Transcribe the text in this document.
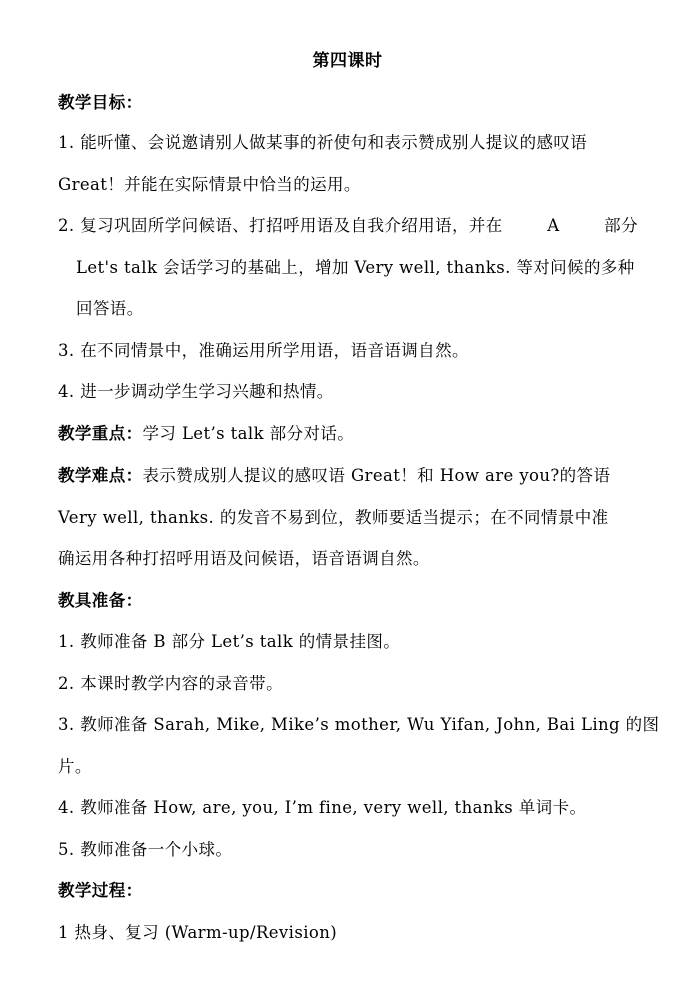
第四课时
教学目标：
1. 能听懂、会说邀请别人做某事的祈使句和表示赞成别人提议的感叹语
Great！并能在实际情景中恰当的运用。
2. 复习巩固所学问候语、打招呼用语及自我介绍用语，并在	A	部分
Let's talk 会话学习的基础上，增加 Very well, thanks. 等对问候的多种
回答语。
3. 在不同情景中，准确运用所学用语，语音语调自然。
4. 进一步调动学生学习兴趣和热情。
教学重点：学习 Let’s talk 部分对话。
教学难点：表示赞成别人提议的感叹语 Great！和 How are you?的答语
Very well, thanks. 的发音不易到位，教师要适当提示；在不同情景中准
确运用各种打招呼用语及问候语，语音语调自然。
教具准备：
1. 教师准备 B 部分 Let’s talk 的情景挂图。
2. 本课时教学内容的录音带。
3. 教师准备 Sarah, Mike, Mike’s mother, Wu Yifan, John, Bai Ling 的图
片。
4. 教师准备 How, are, you, I’m fine, very well, thanks 单词卡。
5. 教师准备一个小球。
教学过程：
1 热身、复习 (Warm-up/Revision)
